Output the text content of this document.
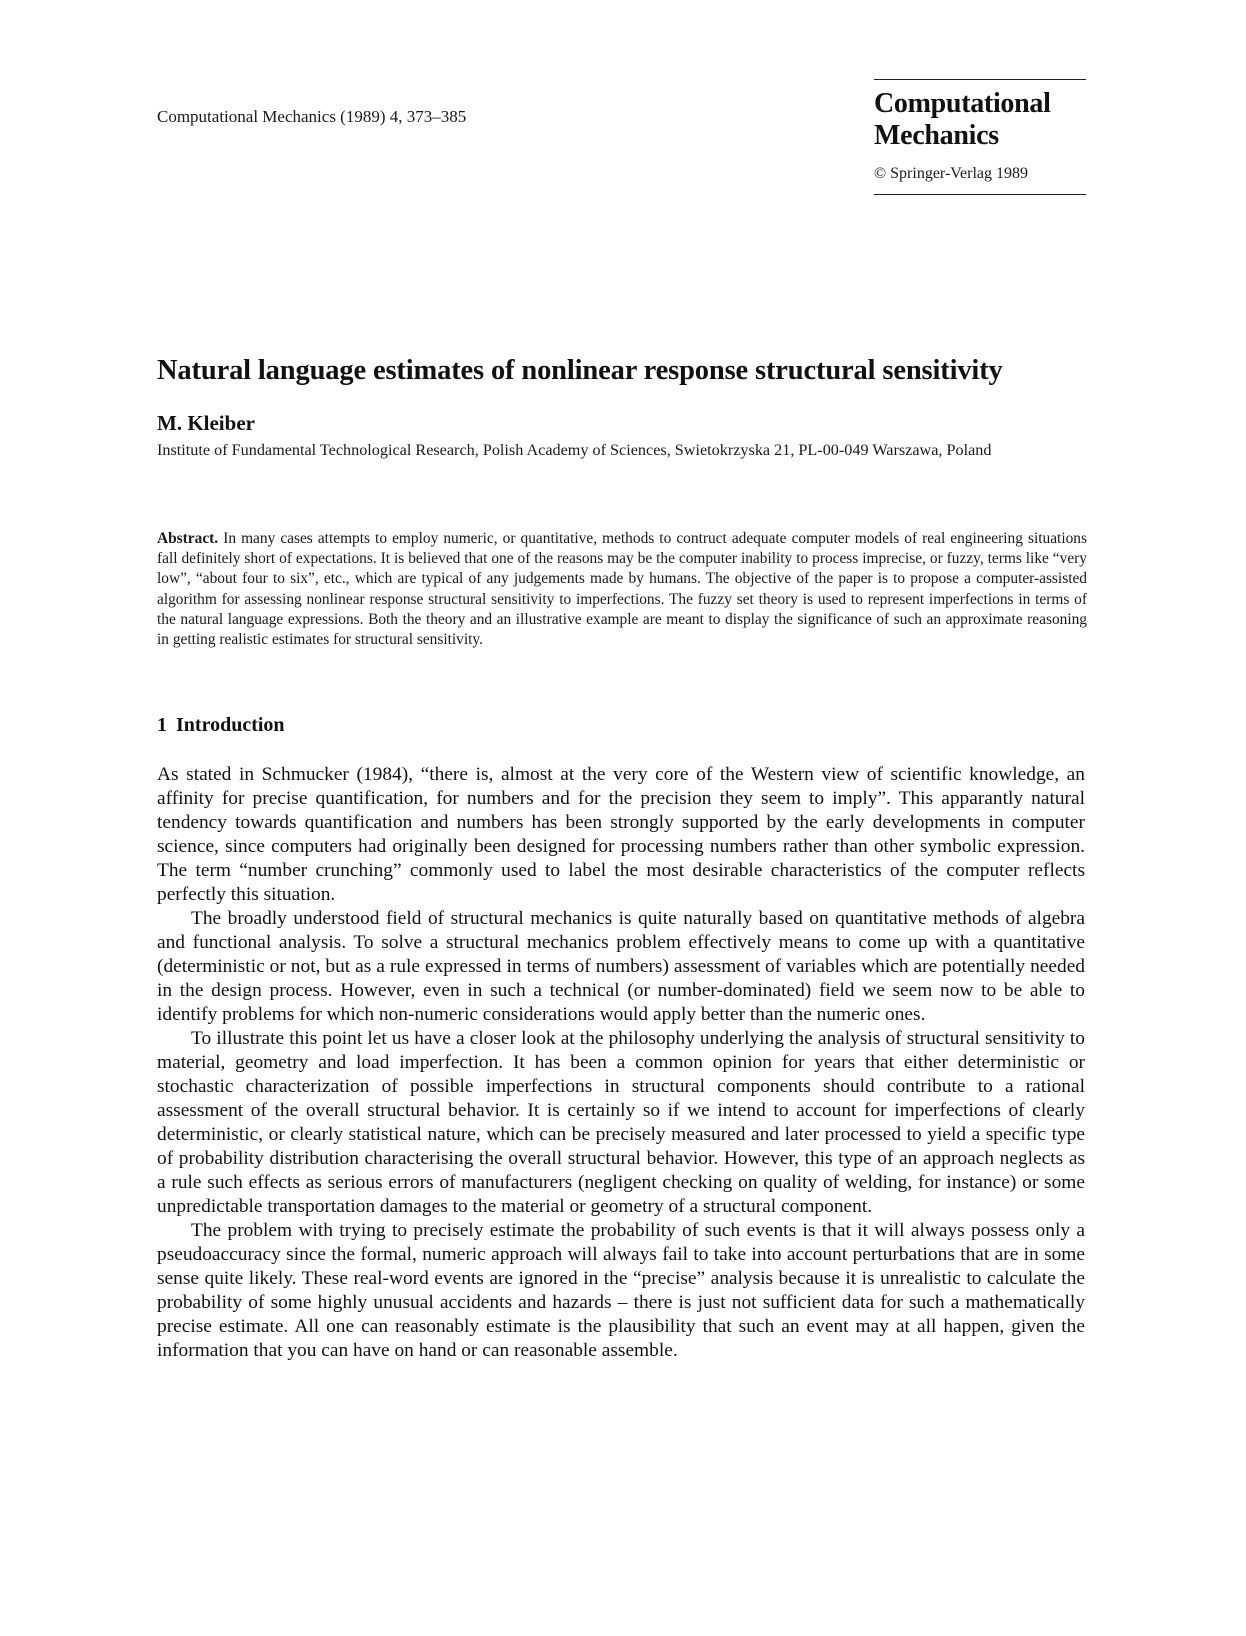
Computational Mechanics (1989) 4, 373–385	Computational
Mechanics
© Springer-Verlag 1989
Natural language estimates of nonlinear response structural sensitivity
M. Kleiber
Institute of Fundamental Technological Research, Polish Academy of Sciences, Swietokrzyska 21, PL-00-049 Warszawa, Poland
Abstract. In many cases attempts to employ numeric, or quantitative, methods to contruct adequate computer models of real engineering situations fall definitely short of expectations. It is believed that one of the reasons may be the computer inability to process imprecise, or fuzzy, terms like “very low”, “about four to six”, etc., which are typical of any judgements made by humans. The objective of the paper is to propose a computer-assisted algorithm for assessing nonlinear response structural sensitivity to imperfections. The fuzzy set theory is used to represent imperfections in terms of the natural language expressions. Both the theory and an illustrative example are meant to display the significance of such an approximate reasoning in getting realistic estimates for structural sensitivity.
1 Introduction

As stated in Schmucker (1984), “there is, almost at the very core of the Western view of scientific knowledge, an affinity for precise quantification, for numbers and for the precision they seem to imply”. This apparantly natural tendency towards quantification and numbers has been strongly supported by the early developments in computer science, since computers had originally been designed for processing numbers rather than other symbolic expression. The term “number crunching” commonly used to label the most desirable characteristics of the computer reflects perfectly this situation.

The broadly understood field of structural mechanics is quite naturally based on quantitative methods of algebra and functional analysis. To solve a structural mechanics problem effectively means to come up with a quantitative (deterministic or not, but as a rule expressed in terms of numbers) assessment of variables which are potentially needed in the design process. However, even in such a technical (or number-dominated) field we seem now to be able to identify problems for which non-numeric considerations would apply better than the numeric ones.

To illustrate this point let us have a closer look at the philosophy underlying the analysis of structural sensitivity to material, geometry and load imperfection. It has been a common opinion for years that either deterministic or stochastic characterization of possible imperfections in structural components should contribute to a rational assessment of the overall structural behavior. It is certainly so if we intend to account for imperfections of clearly deterministic, or clearly statistical nature, which can be precisely measured and later processed to yield a specific type of probability distribution characterising the overall structural behavior. However, this type of an approach neglects as a rule such effects as serious errors of manufacturers (negligent checking on quality of welding, for instance) or some unpredictable transportation damages to the material or geometry of a structural component.

The problem with trying to precisely estimate the probability of such events is that it will always possess only a pseudoaccuracy since the formal, numeric approach will always fail to take into account perturbations that are in some sense quite likely. These real-word events are ignored in the “precise” analysis because it is unrealistic to calculate the probability of some highly unusual accidents and hazards – there is just not sufficient data for such a mathematically precise estimate. All one can reasonably estimate is the plausibility that such an event may at all happen, given the information that you can have on hand or can reasonable assemble.
